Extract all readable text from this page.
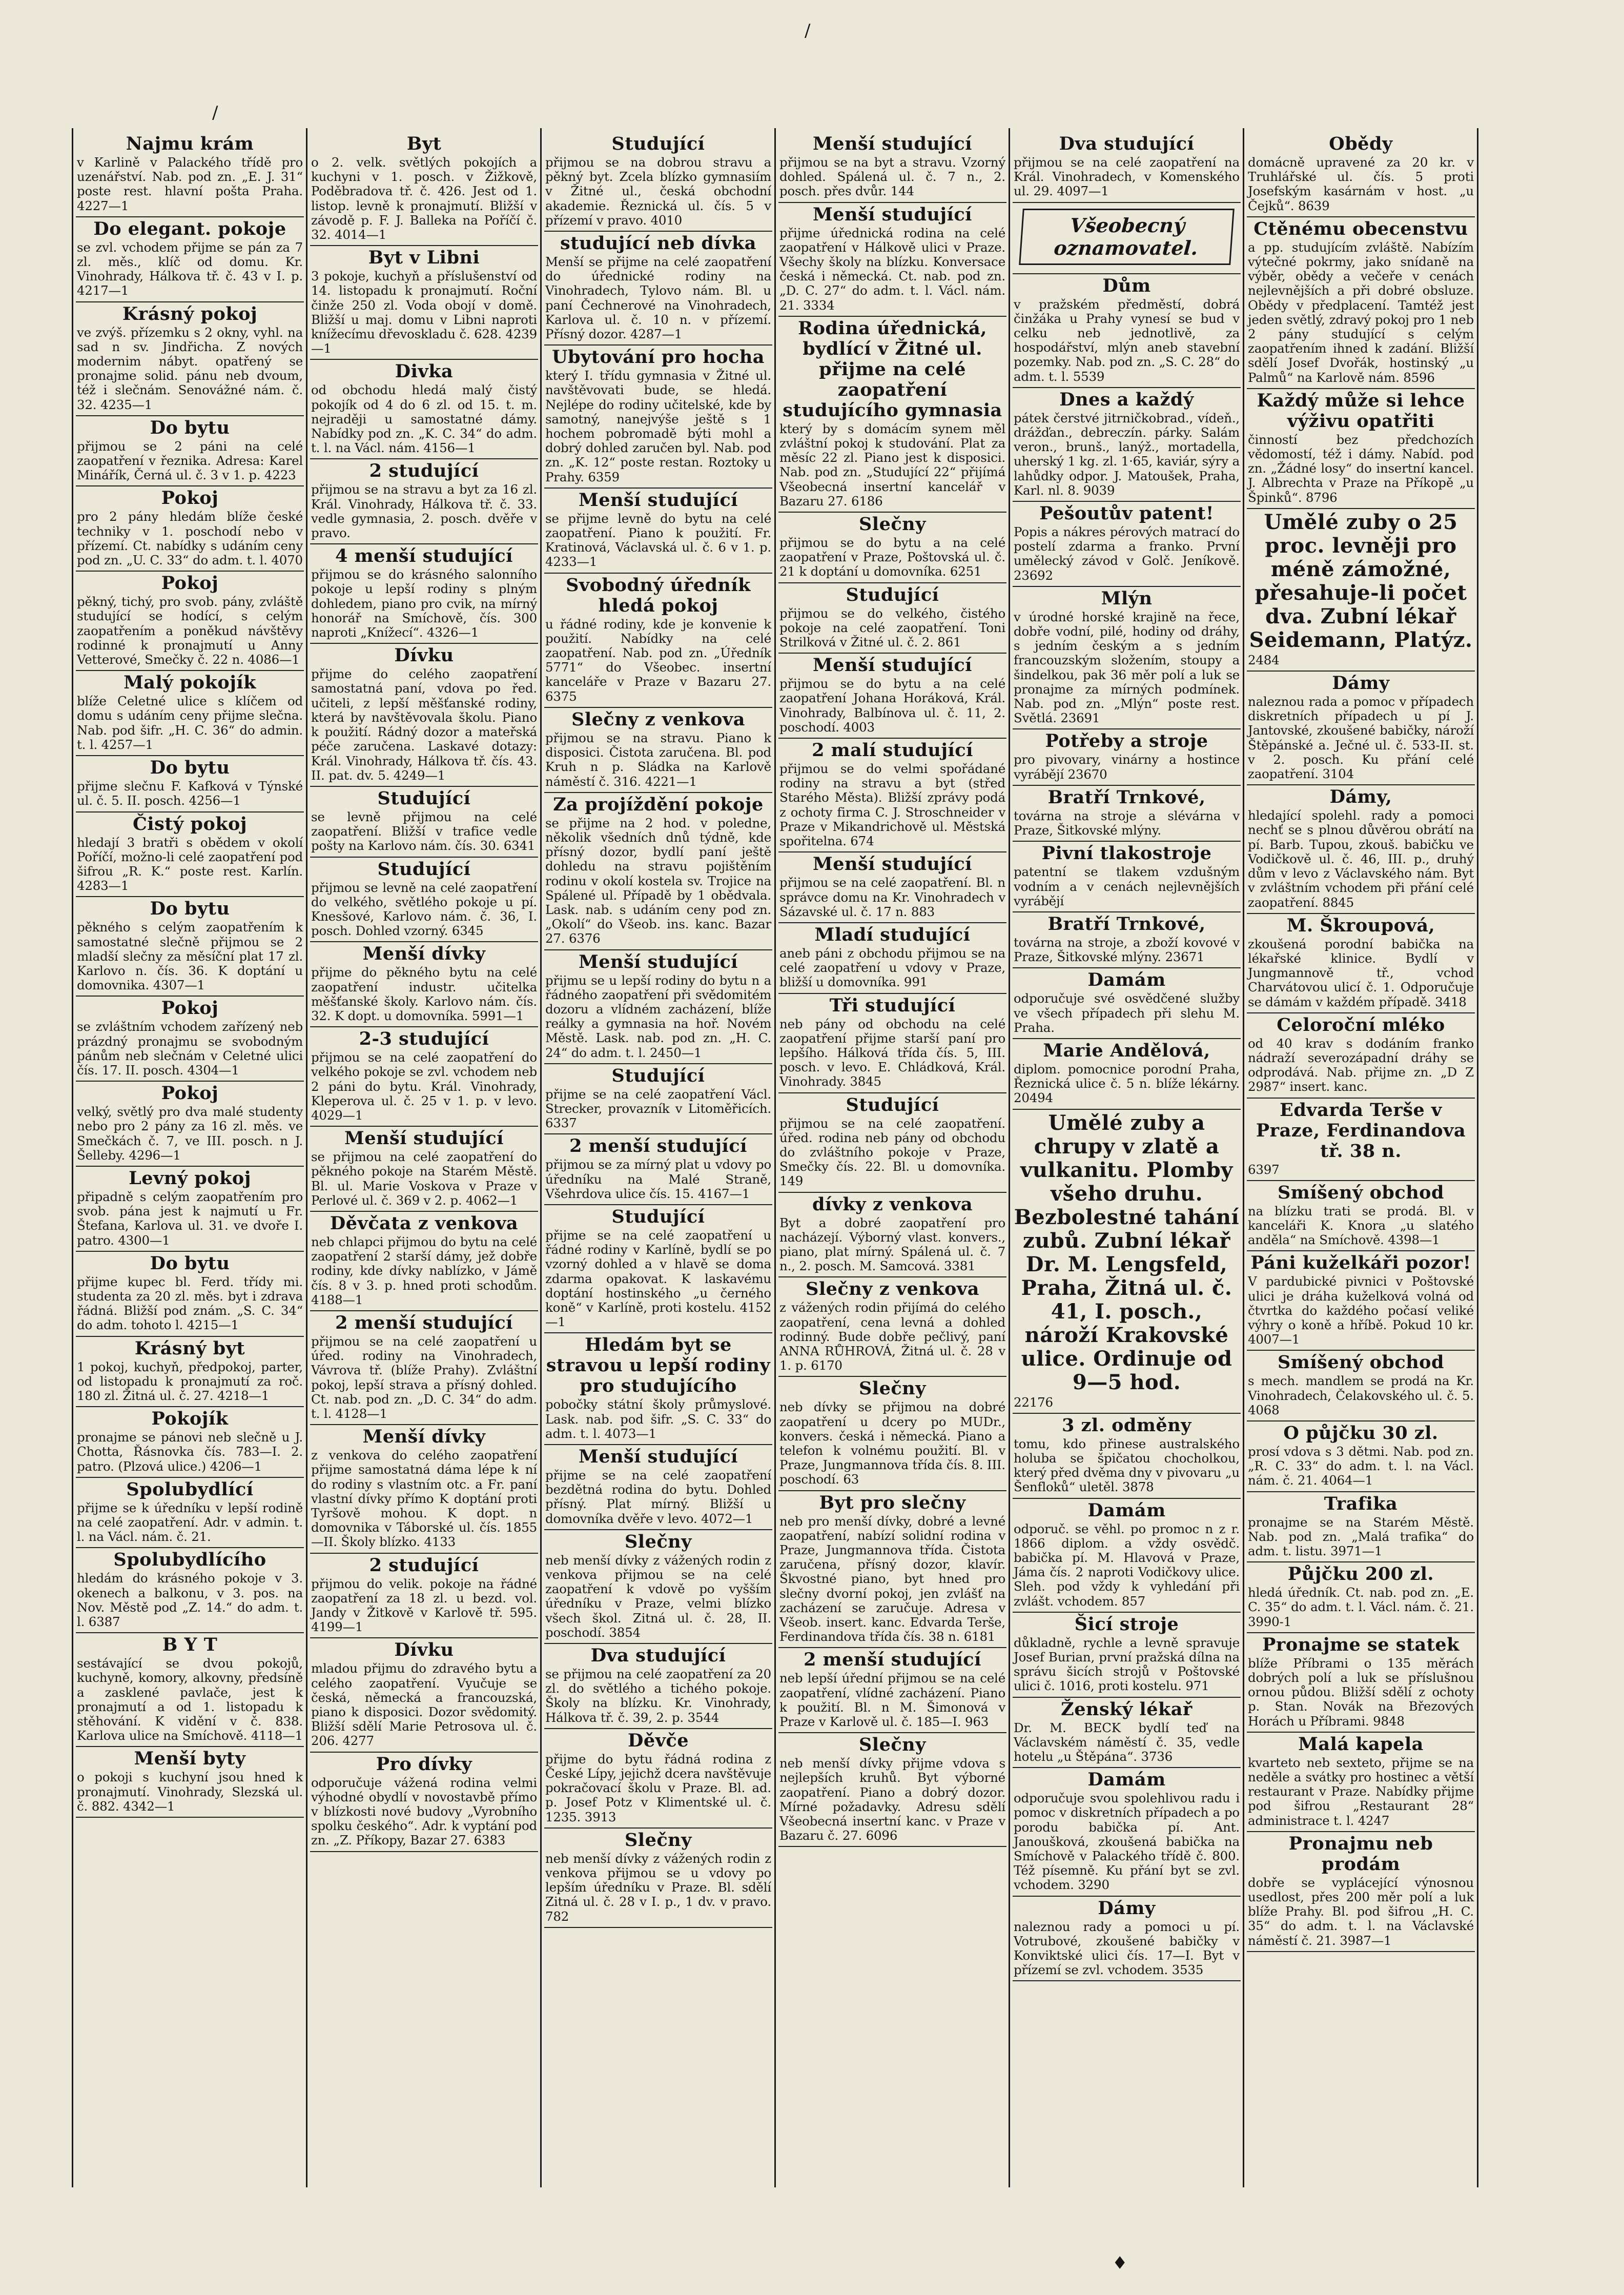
/
/
♦
Najmu krám

v Karlině v Palackého třídě pro uzenářství. Nab. pod zn. „E. J. 31“ poste rest. hlavní pošta Praha. 4227—1

Do elegant. pokoje

se zvl. vchodem přijme se pán za 7 zl. měs., klíč od domu. Kr. Vinohrady, Hálkova tř. č. 43 v I. p. 4217—1

Krásný pokoj

ve zvýš. přízemku s 2 okny, vyhl. na sad n sv. Jindřicha. Z nových modernim nábyt. opatřený se pronajme solid. pánu neb dvoum, též i slečnám. Senovážné nám. č. 32. 4235—1

Do bytu

přijmou se 2 páni na celé zaopatření v řeznika. Adresa: Karel Minářík, Černá ul. č. 3 v 1. p. 4223

Pokoj

pro 2 pány hledám blíže české techniky v 1. poschodí nebo v přízemí. Ct. nabídky s udáním ceny pod zn. „U. C. 33“ do adm. t. l. 4070

Pokoj

pěkný, tichý, pro svob. pány, zvláště studující se hodící, s celým zaopatřením a poněkud návštěvy rodinné k pronajmutí u Anny Vetterové, Smečky č. 22 n. 4086—1

Malý pokojík

blíže Celetné ulice s klíčem od domu s udáním ceny přijme slečna. Nab. pod šifr. „H. C. 36“ do admin. t. l. 4257—1

Do bytu

přijme slečnu F. Kafková v Týnské ul. č. 5. II. posch. 4256—1

Čistý pokoj

hledají 3 bratři s obědem v okolí Poříčí, možno-li celé zaopatření pod šifrou „R. K.“ poste rest. Karlín. 4283—1

Do bytu

pěkného s celým zaopatřením k samostatné slečně přijmou se 2 mladší slečny za měsíční plat 17 zl. Karlovo n. čís. 36. K doptání u domovnika. 4307—1

Pokoj

se zvláštním vchodem zařízený neb prázdný pronajmu se svobodným pánům neb slečnám v Celetné ulici čís. 17. II. posch. 4304—1

Pokoj

velký, světlý pro dva malé studenty nebo pro 2 pány za 16 zl. měs. ve Smečkách č. 7, ve III. posch. n J. Šelleby. 4296—1

Levný pokoj

připadně s celým zaopatřením pro svob. pána jest k najmutí u Fr. Štefana, Karlova ul. 31. ve dvoře I. patro. 4300—1

Do bytu

přijme kupec bl. Ferd. třídy mi. studenta za 20 zl. měs. byt i zdrava řádná. Bližší pod znám. „S. C. 34“ do adm. tohoto l. 4215—1

Krásný byt

1 pokoj, kuchyň, předpokoj, parter, od listopadu k pronajmutí za roč. 180 zl. Žitná ul. č. 27. 4218—1

Pokojík

pronajme se pánovi neb slečně u J. Chotta, Řásnovka čís. 783—I. 2. patro. (Plzová ulice.) 4206—1

Spolubydlící

přijme se k úředníku v lepší rodině na celé zaopatření. Adr. v admin. t. l. na Václ. nám. č. 21.

Spolubydlícího

hledám do krásného pokoje v 3. okenech a balkonu, v 3. pos. na Nov. Městě pod „Z. 14.“ do adm. t. l. 6387

B Y T

sestávající se dvou pokojů, kuchyně, komory, alkovny, předsíně a zasklené pavlače, jest k pronajmutí a od 1. listopadu k stěhování. K vidění v č. 838. Karlova ulice na Smíchově. 4118—1

Menší byty

o pokoji s kuchyní jsou hned k pronajmutí. Vinohrady, Slezská ul. č. 882. 4342—1

Byt

o 2. velk. světlých pokojích a kuchyni v 1. posch. v Žižkově, Poděbradova tř. č. 426. Jest od 1. listop. levně k pronajmutí. Bližší v závodě p. F. J. Balleka na Poříčí č. 32. 4014—1

Byt v Libni

3 pokoje, kuchyň a příslušenství od 14. listopadu k pronajmutí. Roční činže 250 zl. Voda obojí v domě. Bližší u maj. domu v Libni naproti knížecímu dřevoskladu č. 628. 4239—1

Divka

od obchodu hledá malý čistý pokojík od 4 do 6 zl. od 15. t. m. nejraději u samostatné dámy. Nabídky pod zn. „K. C. 34“ do adm. t. l. na Václ. nám. 4156—1

2 studující

přijmou se na stravu a byt za 16 zl. Král. Vinohrady, Hálkova tř. č. 33. vedle gymnasia, 2. posch. dvěře v pravo.

4 menší studující

přijmou se do krásného salonního pokoje u lepší rodiny s plným dohledem, piano pro cvik, na mírný honorář na Smíchově, čís. 300 naproti „Knížecí“. 4326—1

Dívku

přijme do celého zaopatření samostatná paní, vdova po řed. učiteli, z lepší měšťanské rodiny, která by navštěvovala školu. Piano k použití. Rádný dozor a mateřská péče zaručena. Laskavé dotazy: Král. Vinohrady, Hálkova tř. čís. 43. II. pat. dv. 5. 4249—1

Studující

se levně přijmou na celé zaopatření. Bližší v trafice vedle pošty na Karlovo nám. čís. 30. 6341

Studující

přijmou se levně na celé zaopatření do velkého, světlého pokoje u pí. Knesšové, Karlovo nám. č. 36, I. posch. Dohled vzorný. 6345

Menší dívky

přijme do pěkného bytu na celé zaopatření industr. učitelka měšťanské školy. Karlovo nám. čís. 32. K dopt. u domovníka. 5991—1

2-3 studující

přijmou se na celé zaopatření do velkého pokoje se zvl. vchodem neb 2 páni do bytu. Král. Vinohrady, Kleperova ul. č. 25 v 1. p. v levo. 4029—1

Menší studující

se přijmou na celé zaopatření do pěkného pokoje na Starém Městě. Bl. ul. Marie Voskova v Praze v Perlové ul. č. 369 v 2. p. 4062—1

Děvčata z venkova

neb chlapci přijmou do bytu na celé zaopatření 2 starší dámy, jež dobře rodiny, kde dívky nablízko, v Jámě čís. 8 v 3. p. hned proti schodům. 4188—1

2 menší studující

přijmou se na celé zaopatření u úřed. rodiny na Vinohradech, Vávrova tř. (blíže Prahy). Zvláštní pokoj, lepší strava a přísný dohled. Ct. nab. pod zn. „D. C. 34“ do adm. t. l. 4128—1

Menší dívky

z venkova do celého zaopatření přijme samostatná dáma lépe k ní do rodiny s vlastním otc. a Fr. paní vlastní dívky přímo K doptání proti Tyršově mohou. K dopt. n domovnika v Táborské ul. čís. 1855—II. Školy blízko. 4133

2 studující

přijmou do velik. pokoje na řádné zaopatření za 18 zl. u bezd. vol. Jandy v Žitkově v Karlově tř. 595. 4199—1

Dívku

mladou přijmu do zdravého bytu a celého zaopatření. Vyučuje se česká, německá a francouzská, piano k disposici. Dozor svědomitý. Bližší sdělí Marie Petrosova ul. č. 206. 4277

Pro dívky

odporučuje vážená rodina velmi výhodné obydlí v novostavbě přímo v blízkosti nové budovy „Vyrobního spolku českého“. Adr. k vyptání pod zn. „Z. Příkopy, Bazar 27. 6383

Studující

přijmou se na dobrou stravu a pěkný byt. Zcela blízko gymnasiím v Žitné ul., česká obchodní akademie. Řeznická ul. čís. 5 v přízemí v pravo. 4010

studující neb dívka

Menší se přijme na celé zaopatření do úřednické rodiny na Vinohradech, Tylovo nám. Bl. u paní Čechnerové na Vinohradech, Karlova ul. č. 10 n. v přízemí. Přísný dozor. 4287—1

Ubytování pro hocha

který I. třídu gymnasia v Žitné ul. navštěvovati bude, se hledá. Nejlépe do rodiny učitelské, kde by samotný, nanejvýše ještě s 1 hochem pobromadě býti mohl a dobrý dohled zaručen byl. Nab. pod zn. „K. 12“ poste restan. Roztoky u Prahy. 6359

Menší studující

se přijme levně do bytu na celé zaopatření. Piano k použití. Fr. Kratinová, Václavská ul. č. 6 v 1. p. 4233—1

Svobodný úředník hledá pokoj

u řádné rodiny, kde je konvenie k použití. Nabídky na celé zaopatření. Nab. pod zn. „Úředník 5771“ do Všeobec. insertní kanceláře v Praze v Bazaru 27. 6375

Slečny z venkova

přijmou se na stravu. Piano k disposici. Čistota zaručena. Bl. pod Kruh n p. Sládka na Karlově náměstí č. 316. 4221—1

Za projíždění pokoje

se přijme na 2 hod. v poledne, několik všedních dnů týdně, kde přísný dozor, bydlí paní ještě dohledu na stravu pojištěním rodinu v okolí kostela sv. Trojice na Spálené ul. Případě by 1 obědvala. Lask. nab. s udáním ceny pod zn. „Okolí“ do Všeob. ins. kanc. Bazar 27. 6376

Menší studující

přijmu se u lepší rodiny do bytu n a řádného zaopatření při svědomitém dozoru a vlídném zacházení, blíže reálky a gymnasia na hoř. Novém Městě. Lask. nab. pod zn. „H. C. 24“ do adm. t. l. 2450—1

Studující

přijme se na celé zaopatření Václ. Strecker, provazník v Litoměřicích. 6337

2 menší studující

přijmou se za mírný plat u vdovy po úředníku na Malé Straně, Všehrdova ulice čís. 15. 4167—1

Studující

přijme se na celé zaopatření u řádné rodiny v Karlíně, bydlí se po vzorný dohled a v hlavě se doma zdarma opakovat. K laskavému doptání hostinského „u černého koně“ v Karlíně, proti kostelu. 4152—1

Hledám byt se stravou u lepší rodiny pro studujícího

pobočky státní školy průmyslové. Lask. nab. pod šifr. „S. C. 33“ do adm. t. l. 4073—1

Menší studující

přijme se na celé zaopatření bezdětná rodina do bytu. Dohled přísný. Plat mírný. Bližší u domovníka dvěře v levo. 4072—1

Slečny

neb menší dívky z vážených rodin z venkova přijmou se na celé zaopatření k vdově po vyšším úředníku v Praze, velmi blízko všech škol. Zitná ul. č. 28, II. poschodí. 3854

Dva studující

se přijmou na celé zaopatření za 20 zl. do světlého a tichého pokoje. Školy na blízku. Kr. Vinohrady, Hálkova tř. č. 39, 2. p. 3544

Děvče

přijme do bytu řádná rodina z České Lípy, jejichž dcera navštěvuje pokračovací školu v Praze. Bl. ad. p. Josef Potz v Klimentské ul. č. 1235. 3913

Slečny

neb menší dívky z vážených rodin z venkova přijmou se u vdovy po lepším úředníku v Praze. Bl. sdělí Zitná ul. č. 28 v I. p., 1 dv. v pravo. 782

Menší studující

přijmou se na byt a stravu. Vzorný dohled. Spálená ul. č. 7 n., 2. posch. přes dvůr. 144

Menší studující

přijme úřednická rodina na celé zaopatření v Hálkově ulici v Praze. Všechy školy na blízku. Konversace česká i německá. Ct. nab. pod zn. „D. C. 27“ do adm. t. l. Václ. nám. 21. 3334

Rodina úřednická, bydlící v Žitné ul. přijme na celé zaopatření studujícího gymnasia

který by s domácím synem měl zvláštní pokoj k studování. Plat za měsíc 22 zl. Piano jest k disposici. Nab. pod zn. „Studující 22“ přijímá Všeobecná insertní kancelář v Bazaru 27. 6186

Slečny

přijmou se do bytu a na celé zaopatření v Praze, Poštovská ul. č. 21 k doptání u domovníka. 6251

Studující

přijmou se do velkého, čistého pokoje na celé zaopatření. Toni Strilková v Žitné ul. č. 2. 861

Menší studující

přijmou se do bytu a na celé zaopatření Johana Horáková, Král. Vinohrady, Balbínova ul. č. 11, 2. poschodí. 4003

2 malí studující

přijmou se do velmi spořádané rodiny na stravu a byt (střed Starého Města). Bližší zprávy podá z ochoty firma C. J. Stroschneider v Praze v Mikandrichově ul. Městská spořitelna. 674

Menší studující

přijmou se na celé zaopatření. Bl. n správce domu na Kr. Vinohradech v Sázavské ul. č. 17 n. 883

Mladí studující

aneb páni z obchodu přijmou se na celé zaopatření u vdovy v Praze, bližší u domovníka. 991

Tři studující

neb pány od obchodu na celé zaopatření přijme starší paní pro lepšího. Hálková třída čís. 5, III. posch. v levo. E. Chládková, Král. Vinohrady. 3845

Studující

přijmou se na celé zaopatření. úřed. rodina neb pány od obchodu do zvláštního pokoje v Praze, Smečky čís. 22. Bl. u domovníka. 149

dívky z venkova

Byt a dobré zaopatření pro nacházejí. Výborný vlast. konvers., piano, plat mírný. Spálená ul. č. 7 n., 2. posch. M. Samcová. 3381

Slečny z venkova

z vážených rodin přijímá do celého zaopatření, cena levná a dohled rodinný. Bude dobře pečlivý, paní ANNA RŮHROVÁ, Žitná ul. č. 28 v 1. p. 6170

Slečny

neb dívky se přijmou na dobré zaopatření u dcery po MUDr., konvers. česká i německá. Piano a telefon k volnému použití. Bl. v Praze, Jungmannova třída čís. 8. III. poschodí. 63

Byt pro slečny

neb pro menší dívky, dobré a levné zaopatření, nabízí solidní rodina v Praze, Jungmannova třída. Čistota zaručena, přísný dozor, klavír. Škvostné piano, byt hned pro slečny dvorní pokoj, jen zvlášť na zacházení se zaručuje. Adresa v Všeob. insert. kanc. Edvarda Terše, Ferdinandova třída čís. 38 n. 6181

2 menší studující

neb lepší úřední přijmou se na celé zaopatření, vlídné zacházení. Piano k použití. Bl. n M. Šimonová v Praze v Karlově ul. č. 185—I. 963

Slečny

neb menší dívky přijme vdova s nejlepších kruhů. Byt výborné zaopatření. Piano a dobrý dozor. Mírné požadavky. Adresu sdělí Všeobecná insertní kanc. v Praze v Bazaru č. 27. 6096

Dva studující

přijmou se na celé zaopatření na Král. Vinohradech, v Komenského ul. 29. 4097—1

Všeobecný oznamovatel.
Dům

v pražském předměstí, dobrá činžáka u Prahy vynesí se bud v celku neb jednotlivě, za hospodářství, mlýn aneb stavební pozemky. Nab. pod zn. „S. C. 28“ do adm. t. l. 5539

Dnes a každý

pátek čerstvé jitrničkobrad., vídeň., drážďan., debreczín. párky. Salám veron., brunš., lanýž., mortadella, uherský 1 kg. zl. 1·65, kaviár, sýry a lahůdky odpor. J. Matoušek, Praha, Karl. nl. 8. 9039

Pešoutův patent!

Popis a nákres pérových matrací do postelí zdarma a franko. První umělecký závod v Golč. Jeníkově. 23692

Mlýn

v úrodné horské krajině na řece, dobře vodní, pilé, hodiny od dráhy, s jedním českým a s jedním francouzským složením, stoupy a šindelkou, pak 36 měr polí a luk se pronajme za mírných podmínek. Nab. pod zn. „Mlýn“ poste rest. Světlá. 23691

Potřeby a stroje

pro pivovary, vinárny a hostince vyrábějí 23670

Bratří Trnkové,

továrna na stroje a slévárna v Praze, Šitkovské mlýny.

Pivní tlakostroje

patentní se tlakem vzdušným vodním a v cenách nejlevnějších vyrábějí

Bratří Trnkové,

továrna na stroje, a zboží kovové v Praze, Šitkovské mlýny. 23671

Damám

odporučuje své osvědčené služby ve všech případech při slehu M. Praha.

Marie Andělová,

diplom. pomocnice porodní Praha, Řeznická ulice č. 5 n. blíže lékárny. 20494

Umělé zuby a chrupy v zlatě a vulkanitu. Plomby všeho druhu. Bezbolestné tahání zubů. Zubní lékař Dr. M. Lengsfeld, Praha, Žitná ul. č. 41, I. posch., nároží Krakovské ulice. Ordinuje od 9—5 hod.

22176

3 zl. odměny

tomu, kdo přinese australského holuba se špičatou chocholkou, který před dvěma dny v pivovaru „u Šenfloků“ uletěl. 3878

Damám

odporuč. se věhl. po promoc n z r. 1866 diplom. a vždy osvědč. babička pí. M. Hlavová v Praze, Jáma čís. 2 naproti Vodičkovy ulice. Sleh. pod vždy k vyhledání při zvlášt. vchodem. 857

Šicí stroje

důkladně, rychle a levně spravuje Josef Burian, první pražská dílna na správu šicích strojů v Poštovské ulici č. 1016, proti kostelu. 971

Ženský lékař

Dr. M. BECK bydlí teď na Václavském náměstí č. 35, vedle hotelu „u Štěpána“. 3736

Damám

odporučuje svou spolehlivou radu i pomoc v diskretních případech a po porodu babička pí. Ant. Janoušková, zkoušená babička na Smíchově v Palackého třídě č. 800. Též písemně. Ku přání byt se zvl. vchodem. 3290

Dámy

naleznou rady a pomoci u pí. Votrubové, zkoušené babičky v Konviktské ulici čís. 17—I. Byt v přízemí se zvl. vchodem. 3535

Obědy

domácně upravené za 20 kr. v Truhlářské ul. čís. 5 proti Josefským kasárnám v host. „u Čejků“. 8639

Ctěnému obecenstvu

a pp. studujícím zvláště. Nabízím výtečné pokrmy, jako snídaně na výběr, obědy a večeře v cenách nejlevnějších a při dobré obsluze. Obědy v předplacení. Tamtéž jest jeden světlý, zdravý pokoj pro 1 neb 2 pány studující s celým zaopatřením ihned k zadání. Bližší sdělí Josef Dvořák, hostinský „u Palmů“ na Karlově nám. 8596

Každý může si lehce výživu opatřiti

činností bez předchozích vědomostí, též i dámy. Nabíd. pod zn. „Žádné losy“ do insertní kancel. J. Albrechta v Praze na Příkopě „u Špinků“. 8796

Umělé zuby o 25 proc. levněji pro méně zámožné, přesahuje-li počet dva. Zubní lékař Seidemann, Platýz.

2484

Dámy

naleznou rada a pomoc v případech diskretních případech u pí J. Jantovské, zkoušené babičky, nároží Štěpánské a. Ječné ul. č. 533-II. st. v 2. posch. Ku přání celé zaopatření. 3104

Dámy,

hledající spolehl. rady a pomoci nechť se s plnou důvěrou obrátí na pí. Barb. Tupou, zkouš. babičku ve Vodičkově ul. č. 46, III. p., druhý dům v levo z Václavského nám. Byt v zvláštním vchodem při přání celé zaopatření. 8845

M. Škroupová,

zkoušená porodní babička na lékařské klinice. Bydlí v Jungmannově tř., vchod Charvátovou ulicí č. 1. Odporučuje se dámám v každém případě. 3418

Celoroční mléko

od 40 krav s dodáním franko nádraží severozápadní dráhy se odprodává. Nab. přijme zn. „D Z 2987“ insert. kanc.

Edvarda Terše v Praze, Ferdinandova tř. 38 n.

6397

Smíšený obchod

na blízku trati se prodá. Bl. v kanceláři K. Knora „u slatého anděla“ na Smíchově. 4398—1

Páni kuželkáři pozor!

V pardubické pivnici v Poštovské ulici je dráha kuželková volná od čtvrtka do každého počasí veliké výhry o koně a hříbě. Pokud 10 kr. 4007—1

Smíšený obchod

s mech. mandlem se prodá na Kr. Vinohradech, Čelakovského ul. č. 5. 4068

O půjčku 30 zl.

prosí vdova s 3 dětmi. Nab. pod zn. „R. C. 33“ do adm. t. l. na Václ. nám. č. 21. 4064—1

Trafika

pronajme se na Starém Městě. Nab. pod zn. „Malá trafika“ do adm. t. listu. 3971—1

Půjčku 200 zl.

hledá úředník. Ct. nab. pod zn. „E. C. 35“ do adm. t. l. Václ. nám. č. 21. 3990-1

Pronajme se statek

blíže Příbrami o 135 měrách dobrých polí a luk se příslušnou ornou půdou. Bližší sdělí z ochoty p. Stan. Novák na Březových Horách u Příbrami. 9848

Malá kapela

kvarteto neb sexteto, přijme se na neděle a svátky pro hostinec a větší restaurant v Praze. Nabídky přijme pod šifrou „Restaurant 28“ administrace t. l. 4247

Pronajmu neb prodám

dobře se vyplácející výnosnou usedlost, přes 200 měr polí a luk blíže Prahy. Bl. pod šifrou „H. C. 35“ do adm. t. l. na Václavské náměstí č. 21. 3987—1
